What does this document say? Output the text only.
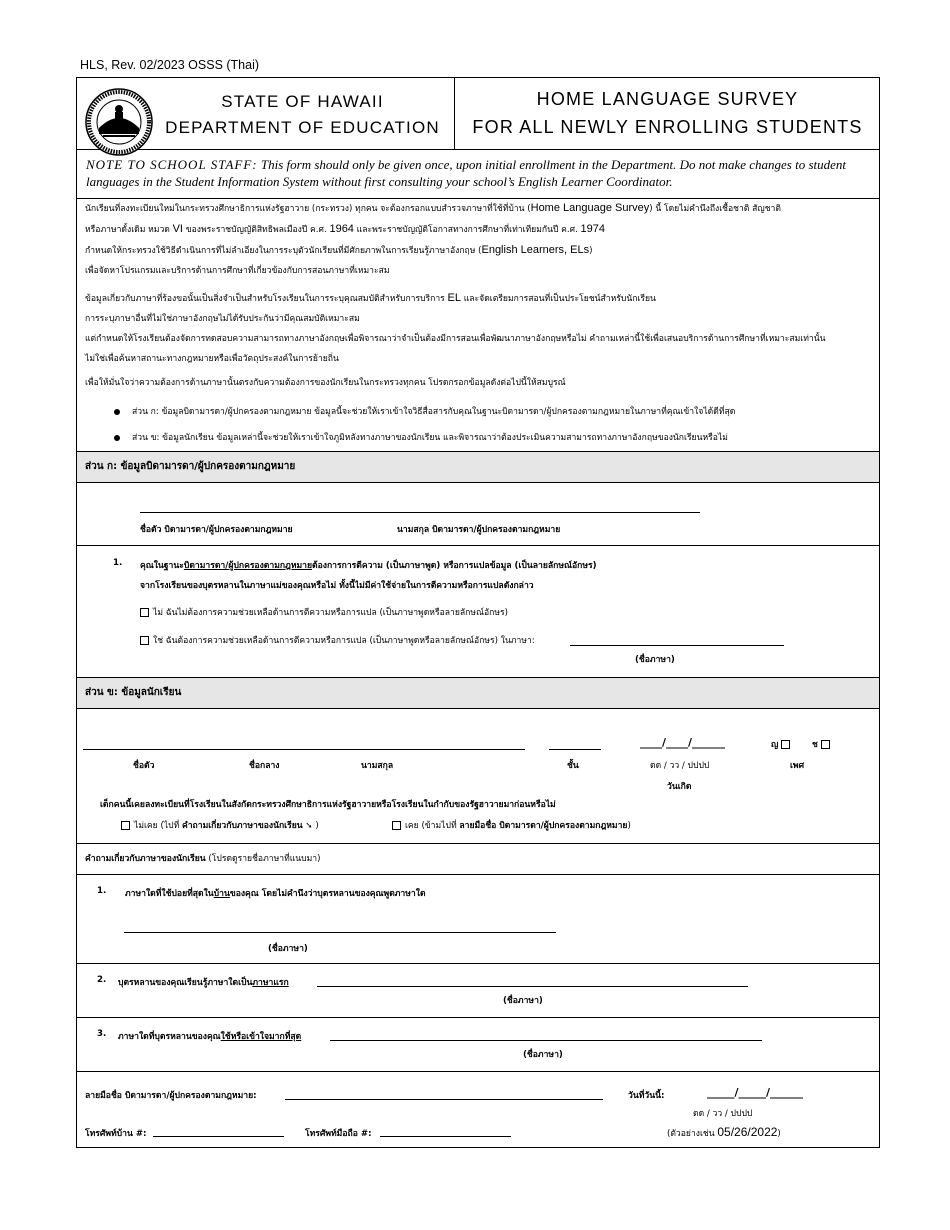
HLS, Rev. 02/2023 OSSS (Thai)
STATE OF HAWAII
DEPARTMENT OF EDUCATION
HOME LANGUAGE SURVEY
FOR ALL NEWLY ENROLLING STUDENTS
NOTE TO SCHOOL STAFF: This form should only be given once, upon initial enrollment in the Department. Do not make changes to student languages in the Student Information System without first consulting your school’s English Learner Coordinator.
นักเรียนที่ลงทะเบียนใหม่ในกระทรวงศึกษาธิการแห่งรัฐฮาวาย (กระทรวง) ทุกคน จะต้องกรอกแบบสำรวจภาษาที่ใช้ที่บ้าน (Home Language Survey) นี้ โดยไม่คำนึงถึงเชื้อชาติ สัญชาติ
หรือภาษาดั้งเดิม หมวด VI ของพระราชบัญญัติสิทธิพลเมืองปี ค.ศ. 1964 และพระราชบัญญัติโอกาสทางการศึกษาที่เท่าเทียมกันปี ค.ศ. 1974
กำหนดให้กระทรวงใช้วิธีดำเนินการที่ไม่ลำเอียงในการระบุตัวนักเรียนที่มีศักยภาพในการเรียนรู้ภาษาอังกฤษ (English Learners, ELs)
เพื่อจัดหาโปรแกรมและบริการด้านการศึกษาที่เกี่ยวข้องกับการสอนภาษาที่เหมาะสม
ข้อมูลเกี่ยวกับภาษาที่ร้องขอนั้นเป็นสิ่งจำเป็นสำหรับโรงเรียนในการระบุคุณสมบัติสำหรับการบริการ EL และจัดเตรียมการสอนที่เป็นประโยชน์สำหรับนักเรียน
การระบุภาษาอื่นที่ไม่ใช่ภาษาอังกฤษไม่ได้รับประกันว่ามีคุณสมบัติเหมาะสม
แต่กำหนดให้โรงเรียนต้องจัดการทดสอบความสามารถทางภาษาอังกฤษเพื่อพิจารณาว่าจำเป็นต้องมีการสอนเพื่อพัฒนาภาษาอังกฤษหรือไม่ คำถามเหล่านี้ใช้เพื่อเสนอบริการด้านการศึกษาที่เหมาะสมเท่านั้น
ไม่ใช่เพื่อค้นหาสถานะทางกฎหมายหรือเพื่อวัตถุประสงค์ในการย้ายถิ่น
เพื่อให้มั่นใจว่าความต้องการด้านภาษานั้นตรงกับความต้องการของนักเรียนในกระทรวงทุกคน โปรดกรอกข้อมูลดังต่อไปนี้ให้สมบูรณ์
ส่วน ก: ข้อมูลบิดามารดา/ผู้ปกครองตามกฎหมาย ข้อมูลนี้จะช่วยให้เราเข้าใจวิธีสื่อสารกับคุณในฐานะบิดามารดา/ผู้ปกครองตามกฎหมายในภาษาที่คุณเข้าใจได้ดีที่สุด
ส่วน ข: ข้อมูลนักเรียน ข้อมูลเหล่านี้จะช่วยให้เราเข้าใจภูมิหลังทางภาษาของนักเรียน และพิจารณาว่าต้องประเมินความสามารถทางภาษาอังกฤษของนักเรียนหรือไม่
ส่วน ก: ข้อมูลบิดามารดา/ผู้ปกครองตามกฎหมาย
ชื่อตัว บิดามารดา/ผู้ปกครองตามกฎหมาย	นามสกุล บิดามารดา/ผู้ปกครองตามกฎหมาย
1. คุณในฐานะบิดามารดา/ผู้ปกครองตามกฎหมายต้องการการตีความ (เป็นภาษาพูด) หรือการแปลข้อมูล (เป็นลายลักษณ์อักษร)
จากโรงเรียนของบุตรหลานในภาษาแม่ของคุณหรือไม่ ทั้งนี้ไม่มีค่าใช้จ่ายในการตีความหรือการแปลดังกล่าว
ไม่ ฉันไม่ต้องการความช่วยเหลือด้านการตีความหรือการแปล (เป็นภาษาพูดหรือลายลักษณ์อักษร)
ใช่ ฉันต้องการความช่วยเหลือด้านการตีความหรือการแปล (เป็นภาษาพูดหรือลายลักษณ์อักษร) ในภาษา:
(ชื่อภาษา)
ส่วน ข: ข้อมูลนักเรียน
____/____/______	ญ	ช
ชื่อตัว	ชื่อกลาง	นามสกุล	ชั้น	ดด / วว / ปปปป	เพศ
วันเกิด
เด็กคนนี้เคยลงทะเบียนที่โรงเรียนในสังกัดกระทรวงศึกษาธิการแห่งรัฐฮาวายหรือโรงเรียนในกำกับของรัฐฮาวายมาก่อนหรือไม่
ไม่เคย (ไปที่ คำถามเกี่ยวกับภาษาของนักเรียน ➘ )	เคย (ข้ามไปที่ ลายมือชื่อ บิดามารดา/ผู้ปกครองตามกฎหมาย)
คำถามเกี่ยวกับภาษาของนักเรียน (โปรดดูรายชื่อภาษาที่แนบมา)
1. ภาษาใดที่ใช้บ่อยที่สุดในบ้านของคุณ โดยไม่คำนึงว่าบุตรหลานของคุณพูดภาษาใด
(ชื่อภาษา)
2. บุตรหลานของคุณเรียนรู้ภาษาใดเป็นภาษาแรก
(ชื่อภาษา)
3. ภาษาใดที่บุตรหลานของคุณใช้หรือเข้าใจมากที่สุด
(ชื่อภาษา)
ลายมือชื่อ บิดามารดา/ผู้ปกครองตามกฎหมาย:	วันที่วันนี้:	_____/_____/______
ดด / วว / ปปปป
โทรศัพท์บ้าน #:	โทรศัพท์มือถือ #:	(ตัวอย่างเช่น 05/26/2022)
